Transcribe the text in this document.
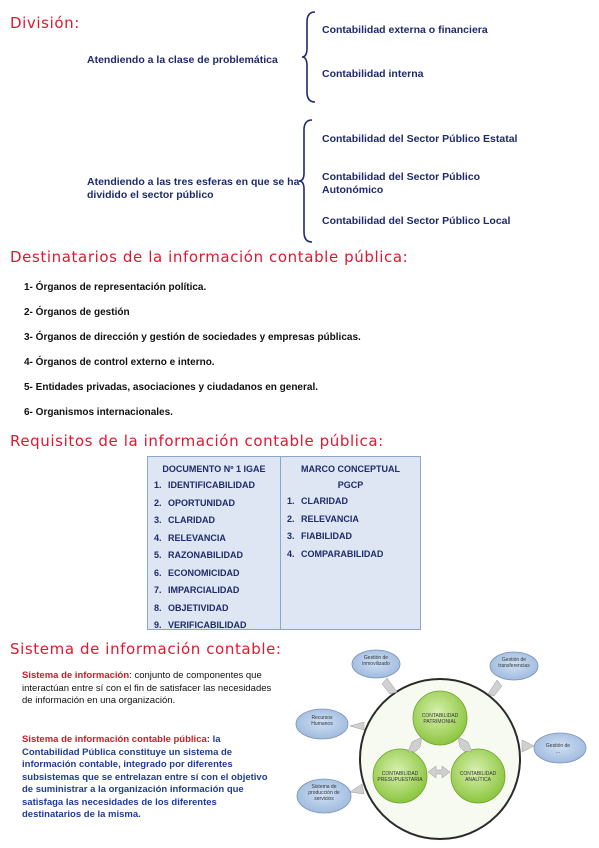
División:
Atendiendo a la clase de problemática
Contabilidad externa o financiera
Contabilidad interna
Atendiendo a las tres esferas en que se ha dividido el sector público
Contabilidad del Sector Público Estatal
Contabilidad del Sector Público Autonómico
Contabilidad del Sector Público Local
Destinatarios de la información contable pública:
1- Órganos de representación política.
2- Órganos de gestión
3- Órganos de dirección y gestión de sociedades y empresas públicas.
4- Órganos de control externo e interno.
5- Entidades privadas, asociaciones y ciudadanos en general.
6- Organismos internacionales.
Requisitos de la información contable pública:
DOCUMENTO Nº 1 IGAE
1. IDENTIFICABILIDAD
2. OPORTUNIDAD
3. CLARIDAD
4. RELEVANCIA
5. RAZONABILIDAD
6. ECONOMICIDAD
7. IMPARCIALIDAD
8. OBJETIVIDAD
9. VERIFICABILIDAD
MARCO CONCEPTUAL
PGCP
1. CLARIDAD
2. RELEVANCIA
3. FIABILIDAD
4. COMPARABILIDAD
Sistema de información contable:
Sistema de información: conjunto de componentes que interactúan entre sí con el fin de satisfacer las necesidades de información en una organización.
Sistema de información contable pública: la Contabilidad Pública constituye un sistema de información contable, integrado por diferentes subsistemas que se entrelazan entre sí con el objetivo de suministrar a la organización información que satisfaga las necesidades de los diferentes destinatarios de la misma.
Gestión de inmovilizado
Gestión de transferencias
Recursos Humanos
Gestión de ...
Sistema de producción de servicios
CONTABILIDAD PATRIMONIAL
CONTABILIDAD PRESUPUESTARIA
CONTABILIDAD ANALÍTICA
